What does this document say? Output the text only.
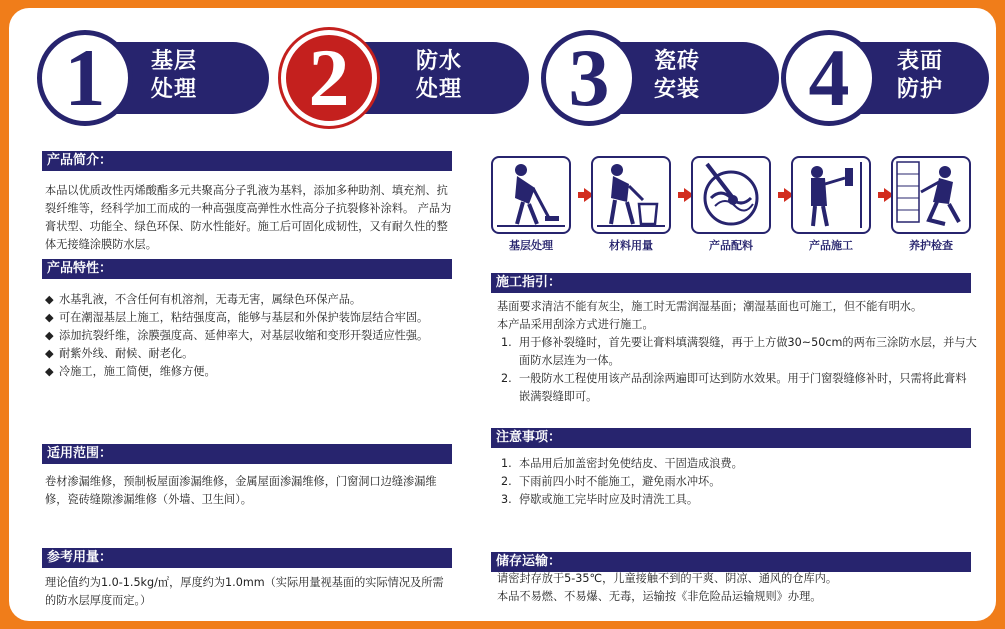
1	基层
处理	2	防水
处理	3	瓷砖
安装	4	表面
防护
产品简介：
本品以优质改性丙烯酸酯多元共聚高分子乳液为基料，添加多种助剂、填充剂、抗裂纤维等，经科学加工而成的一种高强度高弹性水性高分子抗裂修补涂料。 产品为膏状型、功能全、绿色环保、防水性能好。施工后可固化成韧性，又有耐久性的整体无接缝涂膜防水层。
产品特性：
◆ 水基乳液，不含任何有机溶剂，无毒无害，属绿色环保产品。
◆ 可在潮湿基层上施工，粘结强度高，能够与基层和外保护装饰层结合牢固。
◆ 添加抗裂纤维，涂膜强度高、延伸率大，对基层收缩和变形开裂适应性强。
◆ 耐紫外线、耐候、耐老化。
◆ 冷施工，施工简便，维修方便。
适用范围：
卷材渗漏维修，预制板屋面渗漏维修，金属屋面渗漏维修，门窗洞口边缝渗漏维修，瓷砖缝隙渗漏维修（外墙、卫生间）。
参考用量：
理论值约为1.0-1.5kg/㎡，厚度约为1.0mm（实际用量视基面的实际情况及所需的防水层厚度而定。）
基层处理	材料用量	产品配料	产品施工	养护检查
施工指引：

基面要求清洁不能有灰尘，施工时无需润湿基面；潮湿基面也可施工，但不能有明水。

本产品采用刮涂方式进行施工。

1. 用于修补裂缝时，首先要让膏料填满裂缝，再于上方做30~50cm的两布三涂防水层，并与大面防水层连为一体。
2. 一般防水工程使用该产品刮涂两遍即可达到防水效果。用于门窗裂缝修补时，只需将此膏料嵌满裂缝即可。
注意事项：
1. 本品用后加盖密封免使结皮、干固造成浪费。
2. 下雨前四小时不能施工，避免雨水冲坏。
3. 停歇或施工完毕时应及时清洗工具。
储存运输：

请密封存放于5-35℃，儿童接触不到的干爽、阴凉、通风的仓库内。

本品不易燃、不易爆、无毒，运输按《非危险品运输规则》办理。
